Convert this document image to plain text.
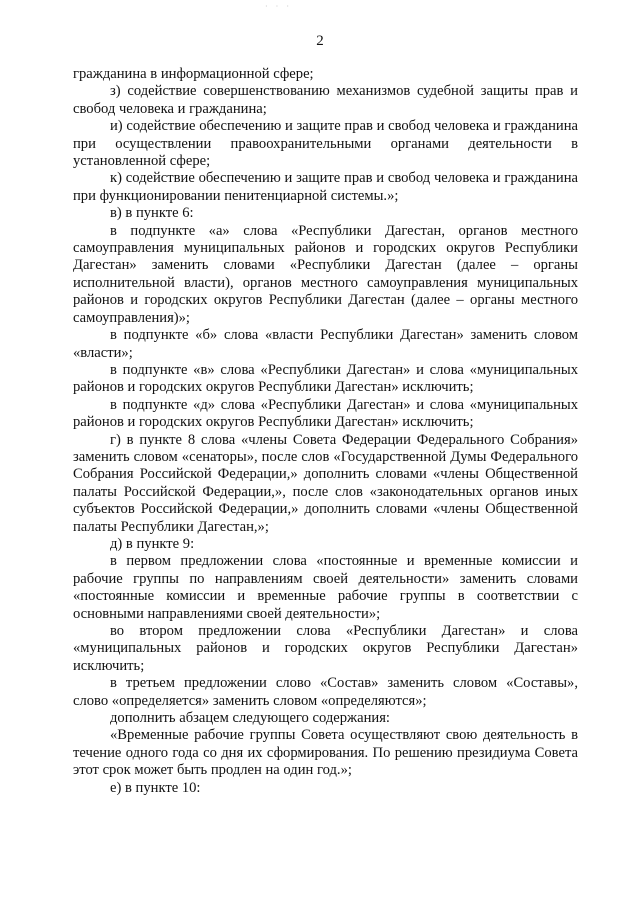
· · ·
2

гражданина в информационной сфере;

з) содействие совершенствованию механизмов судебной защиты прав и свобод человека и гражданина;

и) содействие обеспечению и защите прав и свобод человека и гражданина при осуществлении правоохранительными органами деятельности в установленной сфере;

к) содействие обеспечению и защите прав и свобод человека и гражданина при функционировании пенитенциарной системы.»;

в) в пункте 6:

в подпункте «а» слова «Республики Дагестан, органов местного самоуправления муниципальных районов и городских округов Республики Дагестан» заменить словами «Республики Дагестан (далее – органы исполнительной власти), органов местного самоуправления муниципальных районов и городских округов Республики Дагестан (далее – органы местного самоуправления)»;

в подпункте «б» слова «власти Республики Дагестан» заменить словом «власти»;

в подпункте «в» слова «Республики Дагестан» и слова «муниципальных районов и городских округов Республики Дагестан» исключить;

в подпункте «д» слова «Республики Дагестан» и слова «муниципальных районов и городских округов Республики Дагестан» исключить;

г) в пункте 8 слова «члены Совета Федерации Федерального Собрания» заменить словом «сенаторы», после слов «Государственной Думы Федерального Собрания Российской Федерации,» дополнить словами «члены Общественной палаты Российской Федерации,», после слов «законодательных органов иных субъектов Российской Федерации,» дополнить словами «члены Общественной палаты Республики Дагестан,»;

д) в пункте 9:

в первом предложении слова «постоянные и временные комиссии и рабочие группы по направлениям своей деятельности» заменить словами «постоянные комиссии и временные рабочие группы в соответствии с основными направлениями своей деятельности»;

во втором предложении слова «Республики Дагестан» и слова «муниципальных районов и городских округов Республики Дагестан» исключить;

в третьем предложении слово «Состав» заменить словом «Составы», слово «определяется» заменить словом «определяются»;

дополнить абзацем следующего содержания:

«Временные рабочие группы Совета осуществляют свою деятельность в течение одного года со дня их сформирования. По решению президиума Совета этот срок может быть продлен на один год.»;

е) в пункте 10:
